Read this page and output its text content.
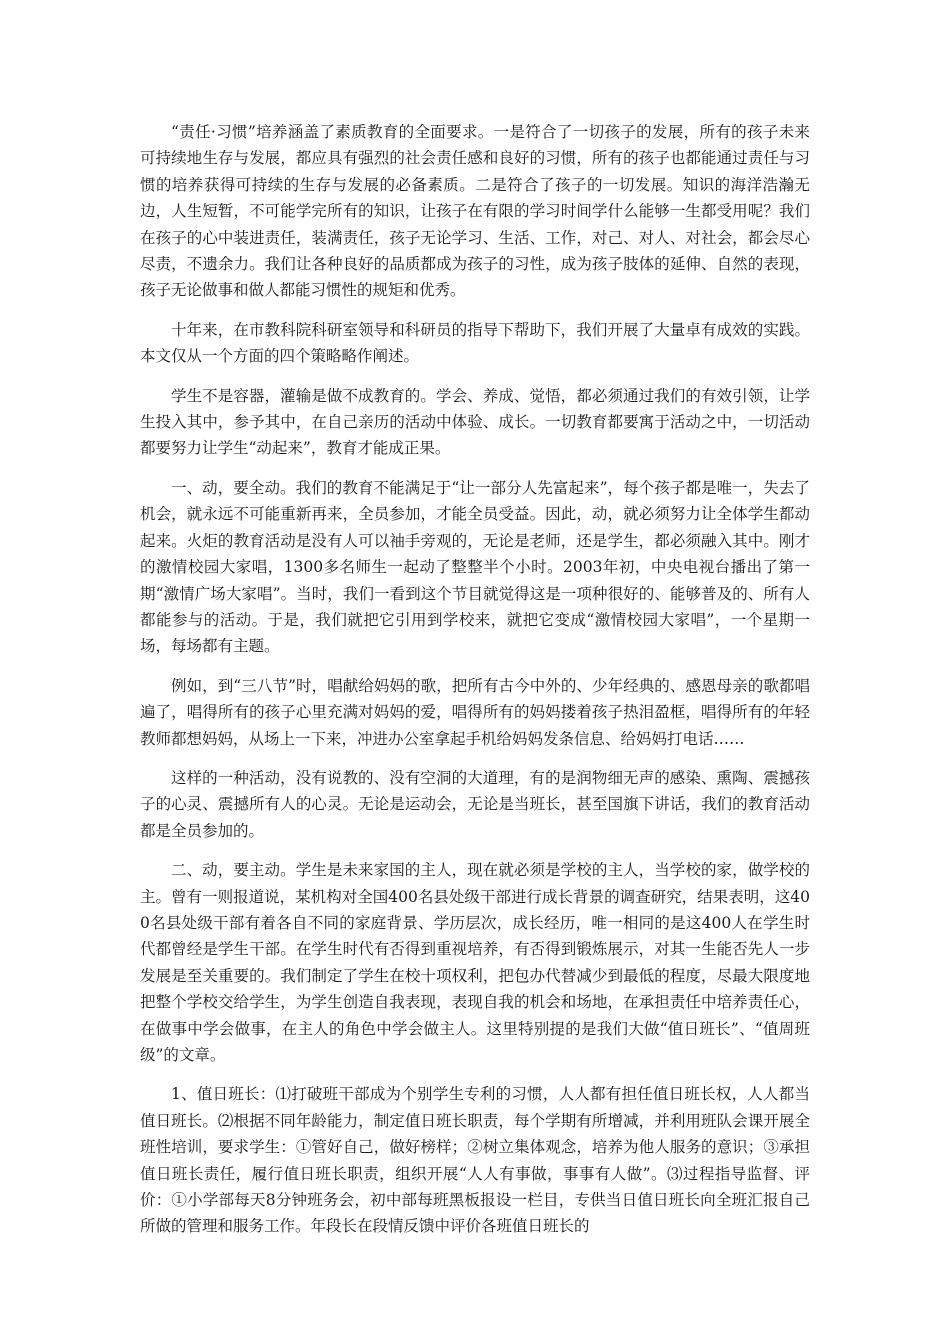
“责任·习惯”培养涵盖了素质教育的全面要求。一是符合了一切孩子的发展，所有的孩子未来可持续地生存与发展，都应具有强烈的社会责任感和良好的习惯，所有的孩子也都能通过责任与习惯的培养获得可持续的生存与发展的必备素质。二是符合了孩子的一切发展。知识的海洋浩瀚无边，人生短暂，不可能学完所有的知识，让孩子在有限的学习时间学什么能够一生都受用呢？我们在孩子的心中装进责任，装满责任，孩子无论学习、生活、工作，对己、对人、对社会，都会尽心尽责，不遗余力。我们让各种良好的品质都成为孩子的习性，成为孩子肢体的延伸、自然的表现，孩子无论做事和做人都能习惯性的规矩和优秀。

十年来，在市教科院科研室领导和科研员的指导下帮助下，我们开展了大量卓有成效的实践。本文仅从一个方面的四个策略略作阐述。

学生不是容器，灌输是做不成教育的。学会、养成、觉悟，都必须通过我们的有效引领，让学生投入其中，参予其中，在自己亲历的活动中体验、成长。一切教育都要寓于活动之中，一切活动都要努力让学生“动起来”，教育才能成正果。

一、动，要全动。我们的教育不能满足于“让一部分人先富起来”，每个孩子都是唯一，失去了机会，就永远不可能重新再来，全员参加，才能全员受益。因此，动，就必须努力让全体学生都动起来。火炬的教育活动是没有人可以袖手旁观的，无论是老师，还是学生，都必须融入其中。刚才的激情校园大家唱，1300多名师生一起动了整整半个小时。2003年初，中央电视台播出了第一期“激情广场大家唱”。当时，我们一看到这个节目就觉得这是一项种很好的、能够普及的、所有人都能参与的活动。于是，我们就把它引用到学校来，就把它变成“激情校园大家唱”，一个星期一场，每场都有主题。

例如，到“三八节”时，唱献给妈妈的歌，把所有古今中外的、少年经典的、感恩母亲的歌都唱遍了，唱得所有的孩子心里充满对妈妈的爱，唱得所有的妈妈搂着孩子热泪盈框，唱得所有的年轻教师都想妈妈，从场上一下来，冲进办公室拿起手机给妈妈发条信息、给妈妈打电话……

这样的一种活动，没有说教的、没有空洞的大道理，有的是润物细无声的感染、熏陶、震撼孩子的心灵、震撼所有人的心灵。无论是运动会，无论是当班长，甚至国旗下讲话，我们的教育活动都是全员参加的。

二、动，要主动。学生是未来家国的主人，现在就必须是学校的主人，当学校的家，做学校的主。曾有一则报道说，某机构对全国400名县处级干部进行成长背景的调查研究，结果表明，这400名县处级干部有着各自不同的家庭背景、学历层次，成长经历，唯一相同的是这400人在学生时代都曾经是学生干部。在学生时代有否得到重视培养，有否得到锻炼展示，对其一生能否先人一步发展是至关重要的。我们制定了学生在校十项权利，把包办代替减少到最低的程度，尽最大限度地把整个学校交给学生，为学生创造自我表现，表现自我的机会和场地，在承担责任中培养责任心，在做事中学会做事，在主人的角色中学会做主人。这里特别提的是我们大做“值日班长”、“值周班级”的文章。

1、值日班长：⑴打破班干部成为个别学生专利的习惯，人人都有担任值日班长权，人人都当值日班长。⑵根据不同年龄能力，制定值日班长职责，每个学期有所增减，并利用班队会课开展全班性培训，要求学生：①管好自己，做好榜样；②树立集体观念，培养为他人服务的意识；③承担值日班长责任，履行值日班长职责，组织开展“人人有事做，事事有人做”。⑶过程指导监督、评价：①小学部每天8分钟班务会，初中部每班黑板报设一栏目，专供当日值日班长向全班汇报自己所做的管理和服务工作。年段长在段情反馈中评价各班值日班长的
